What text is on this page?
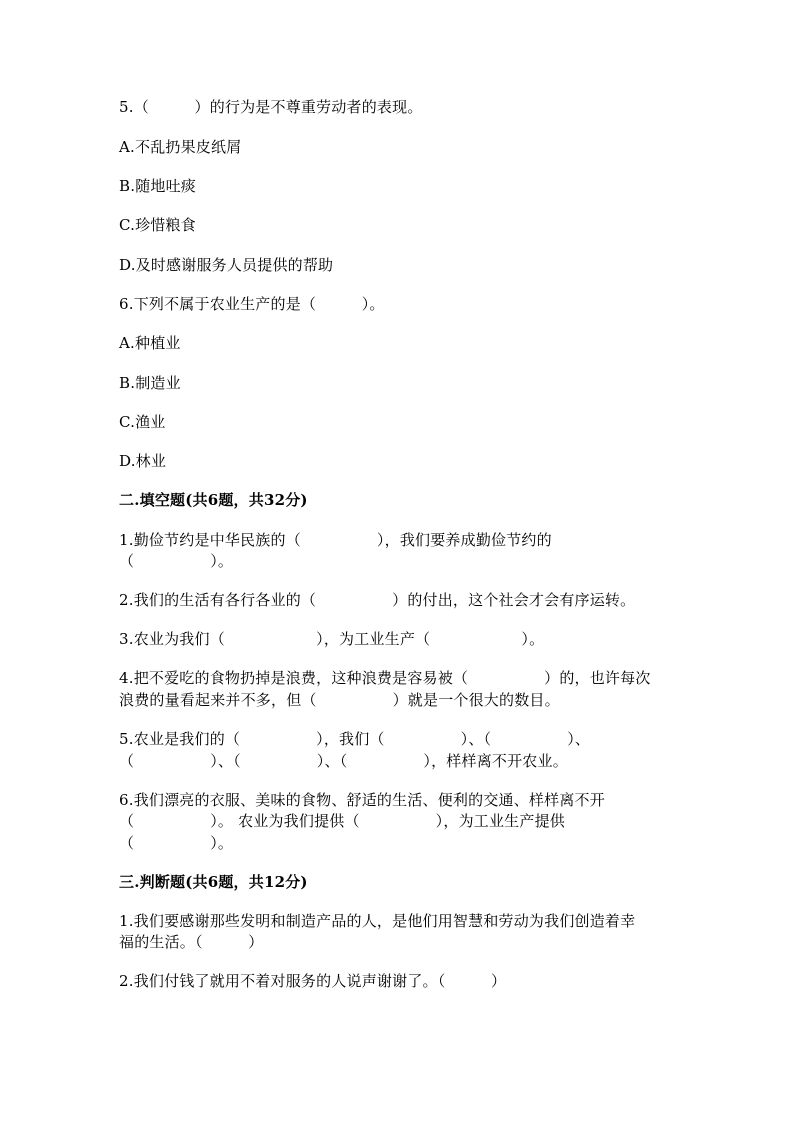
5.（　　　）的行为是不尊重劳动者的表现。
A.不乱扔果皮纸屑
B.随地吐痰
C.珍惜粮食
D.及时感谢服务人员提供的帮助
6.下列不属于农业生产的是（　　　）。
A.种植业
B.制造业
C.渔业
D.林业
二.填空题(共6题，共32分)
1.勤俭节约是中华民族的（　　　　　），我们要养成勤俭节约的
（　　　　　）。
2.我们的生活有各行各业的（　　　　　）的付出，这个社会才会有序运转。
3.农业为我们（　　　　　　），为工业生产（　　　　　　）。
4.把不爱吃的食物扔掉是浪费，这种浪费是容易被（　　　　　）的，也许每次
浪费的量看起来并不多，但（　　　　　）就是一个很大的数目。
5.农业是我们的（　　　　　），我们（　　　　　）、（　　　　　）、
（　　　　　）、（　　　　　）、（　　　　　），样样离不开农业。
6.我们漂亮的衣服、美味的食物、舒适的生活、便利的交通、样样离不开
（　　　　　）。 农业为我们提供（　　　　　），为工业生产提供
（　　　　　）。
三.判断题(共6题，共12分)
1.我们要感谢那些发明和制造产品的人，是他们用智慧和劳动为我们创造着幸
福的生活。（　　　）
2.我们付钱了就用不着对服务的人说声谢谢了。（　　　）
